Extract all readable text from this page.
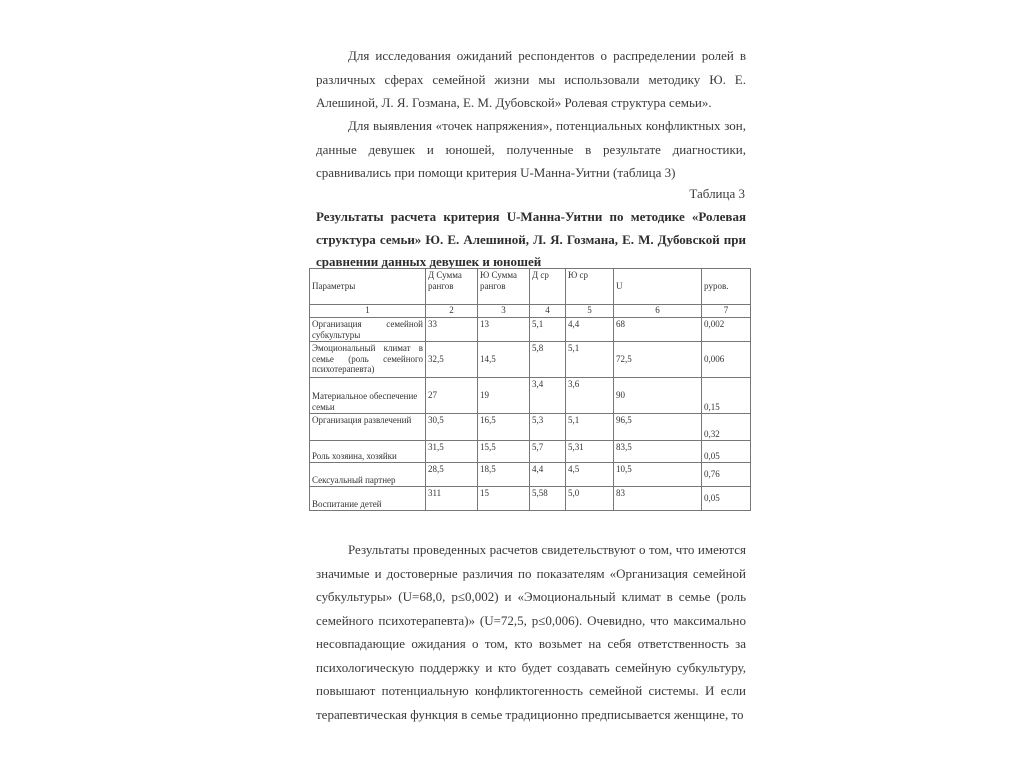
Для исследования ожиданий респондентов о распределении ролей в различных сферах семейной жизни мы использовали методику Ю. Е. Алешиной, Л. Я. Гозмана, Е. М. Дубовской» Ролевая структура семьи».

Для выявления «точек напряжения», потенциальных конфликтных зон, данные девушек и юношей, полученные в результате диагностики, сравнивались при помощи критерия U-Манна-Уитни (таблица 3)

Таблица 3

Результаты расчета критерия U-Манна-Уитни по методике «Ролевая структура семьи» Ю. Е. Алешиной, Л. Я. Гозмана, Е. М. Дубовской при сравнении данных девушек и юношей

Параметры	Д Сумма рангов	Ю Сумма рангов	Д ср	Ю ср	U	pуров.
1	2	3	4	5	6	7
Организация семейной субкультуры	33	13	5,1	4,4	68	0,002
Эмоциональный климат в семье (роль семейного психотерапевта)	32,5	14,5	5,8	5,1	72,5	0,006
Материальное обеспечение семьи	27	19	3,4	3,6	90	0,15
Организация развлечений	30,5	16,5	5,3	5,1	96,5	0,32
Роль хозяина, хозяйки	31,5	15,5	5,7	5,31	83,5	0,05
Сексуальный партнер	28,5	18,5	4,4	4,5	10,5	0,76
Воспитание детей	311	15	5,58	5,0	83	0,05

Результаты проведенных расчетов свидетельствуют о том, что имеются значимые и достоверные различия по показателям «Организация семейной субкультуры» (U=68,0, p≤0,002) и «Эмоциональный климат в семье (роль семейного психотерапевта)» (U=72,5, p≤0,006). Очевидно, что максимально несовпадающие ожидания о том, кто возьмет на себя ответственность за психологическую поддержку и кто будет создавать семейную субкультуру, повышают потенциальную конфликтогенность семейной системы. И если терапевтическая функция в семье традиционно предписывается женщине, то
